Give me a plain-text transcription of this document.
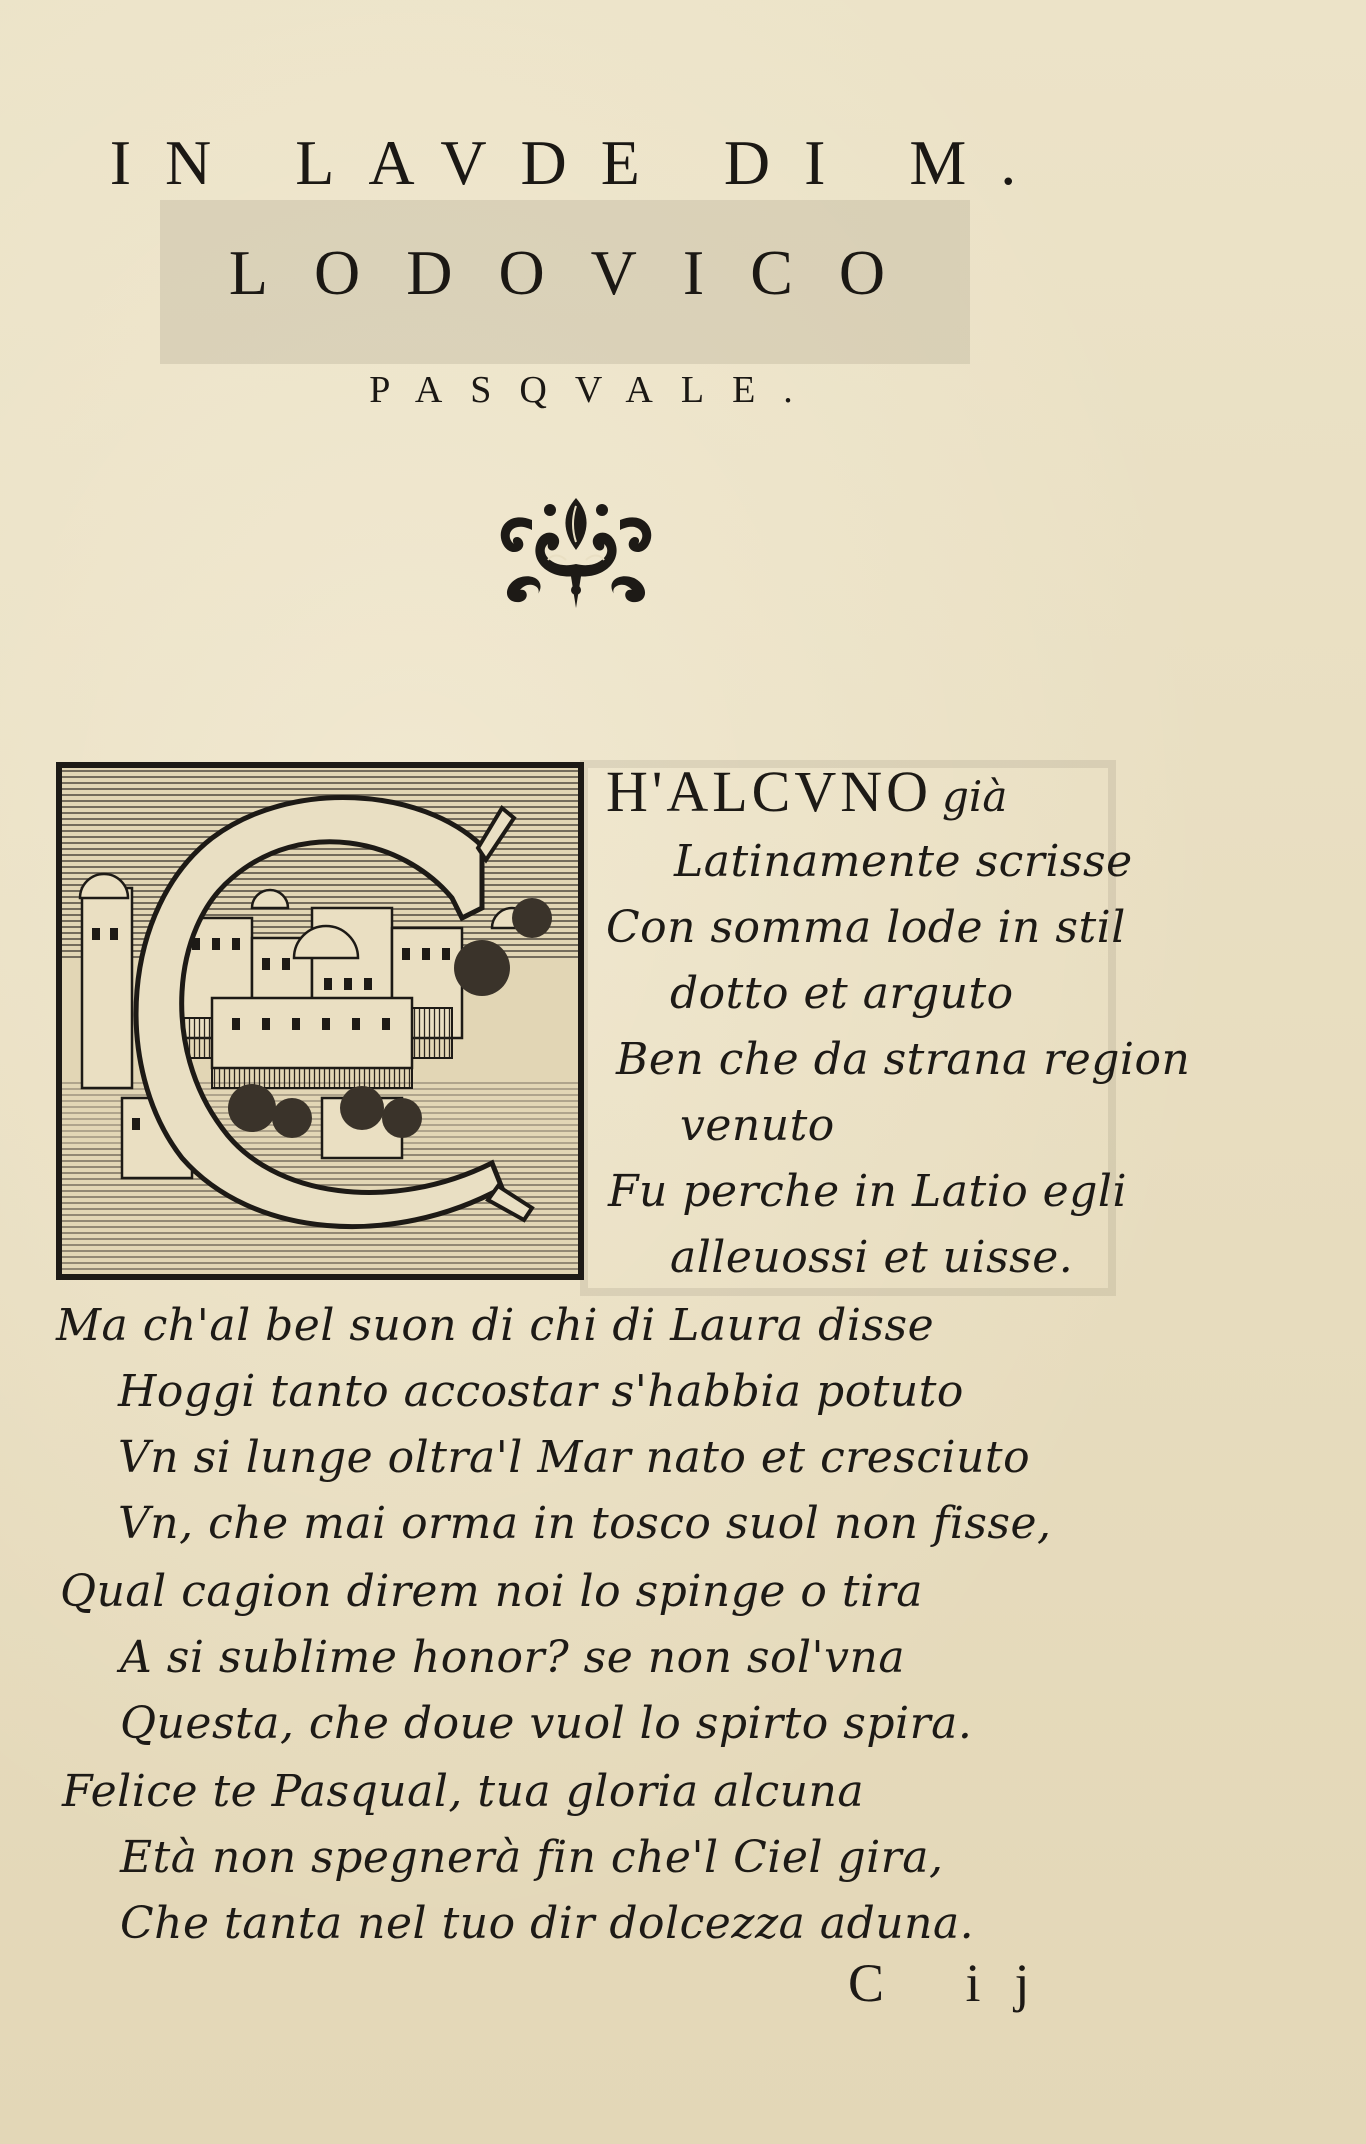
IN LAVDE DI M.
LODOVICO
PASQVALE.
H'ALCVNO già
Latinamente scrisse
Con somma lode in stil
dotto et arguto
Ben che da strana region
venuto
Fu perche in Latio egli
alleuossi et uisse.
Ma ch'al bel suon di chi di Laura disse
Hoggi tanto accostar s'habbia potuto
Vn si lunge oltra'l Mar nato et cresciuto
Vn, che mai orma in tosco suol non fisse,
Qual cagion direm noi lo spinge o tira
A si sublime honor? se non sol'vna
Questa, che doue vuol lo spirto spira.
Felice te Pasqual, tua gloria alcuna
Età non spegnerà fin che'l Ciel gira,
Che tanta nel tuo dir dolcezza aduna.
C ij
